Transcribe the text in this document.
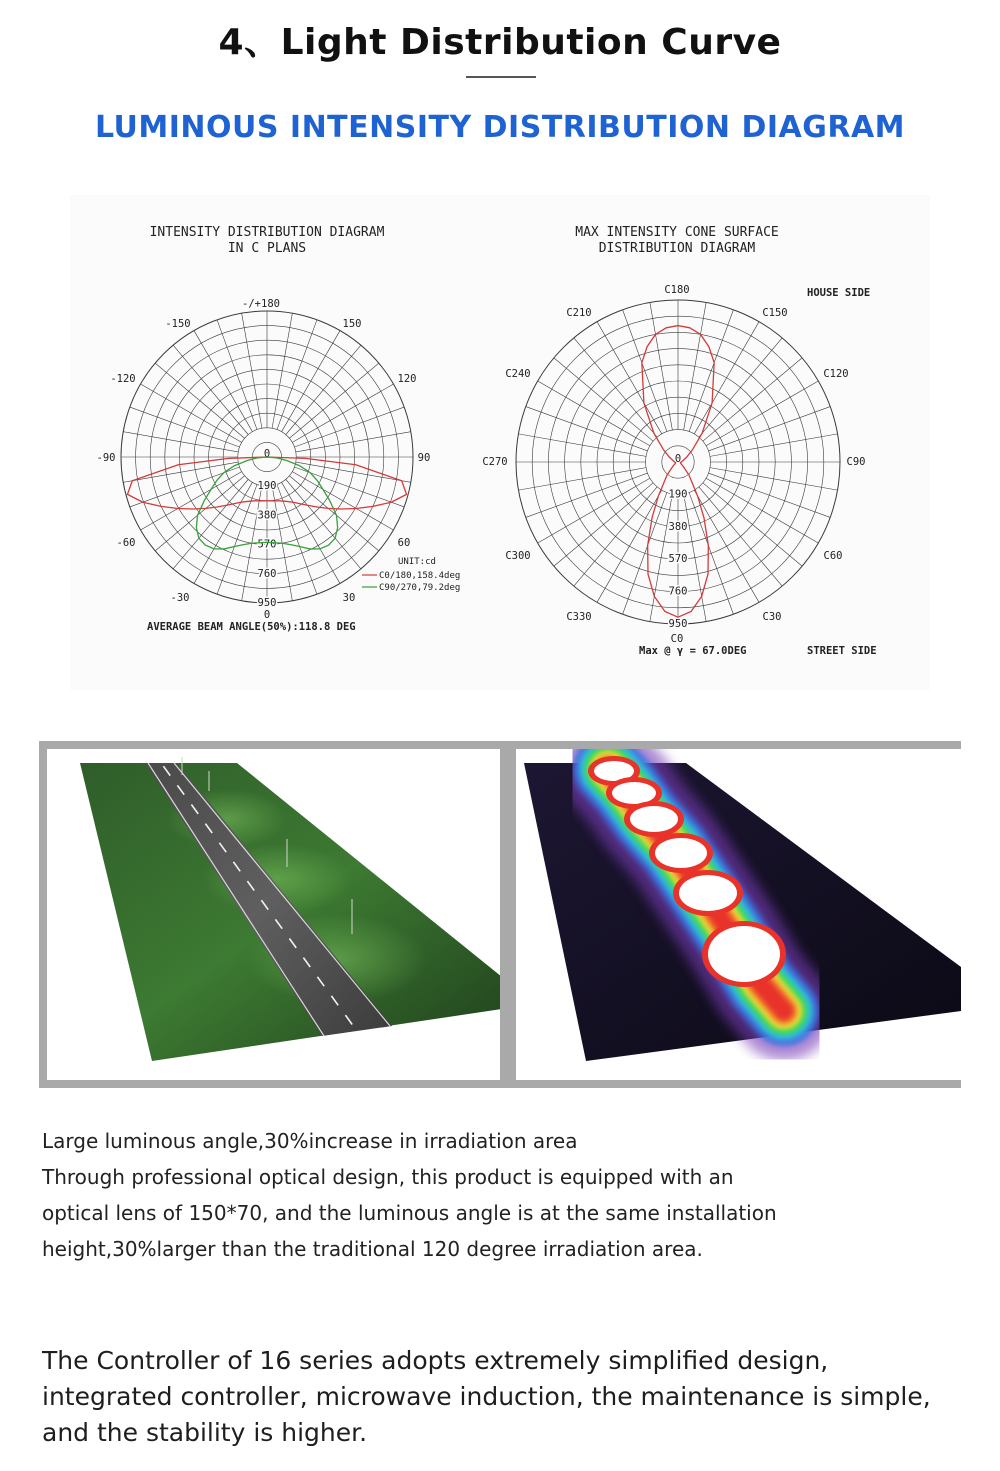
4、Light Distribution Curve
LUMINOUS INTENSITY DISTRIBUTION DIAGRAM
INTENSITY DISTRIBUTION DIAGRAM
IN C PLANS
-/+180
150
120
90
60
30
0
-30
-60
-90
-120
-150
0
190
380
570
760
950
UNIT:cd
C0/180,158.4deg
C90/270,79.2deg
AVERAGE BEAM ANGLE(50%):118.8 DEG
MAX INTENSITY CONE SURFACE
DISTRIBUTION DIAGRAM
HOUSE SIDE
C180
C150
C120
C90
C60
C30
C0
C330
C300
C270
C240
C210
0
190
380
570
760
950
Max @ γ = 67.0DEG	STREET SIDE
Large luminous angle,30%increase in irradiation area
Through professional optical design, this product is equipped with an
optical lens of 150*70, and the luminous angle is at the same installation
height,30%larger than the traditional 120 degree irradiation area.
The Controller of 16 series adopts extremely simplified design,
integrated controller, microwave induction, the maintenance is simple,
and the stability is higher.
